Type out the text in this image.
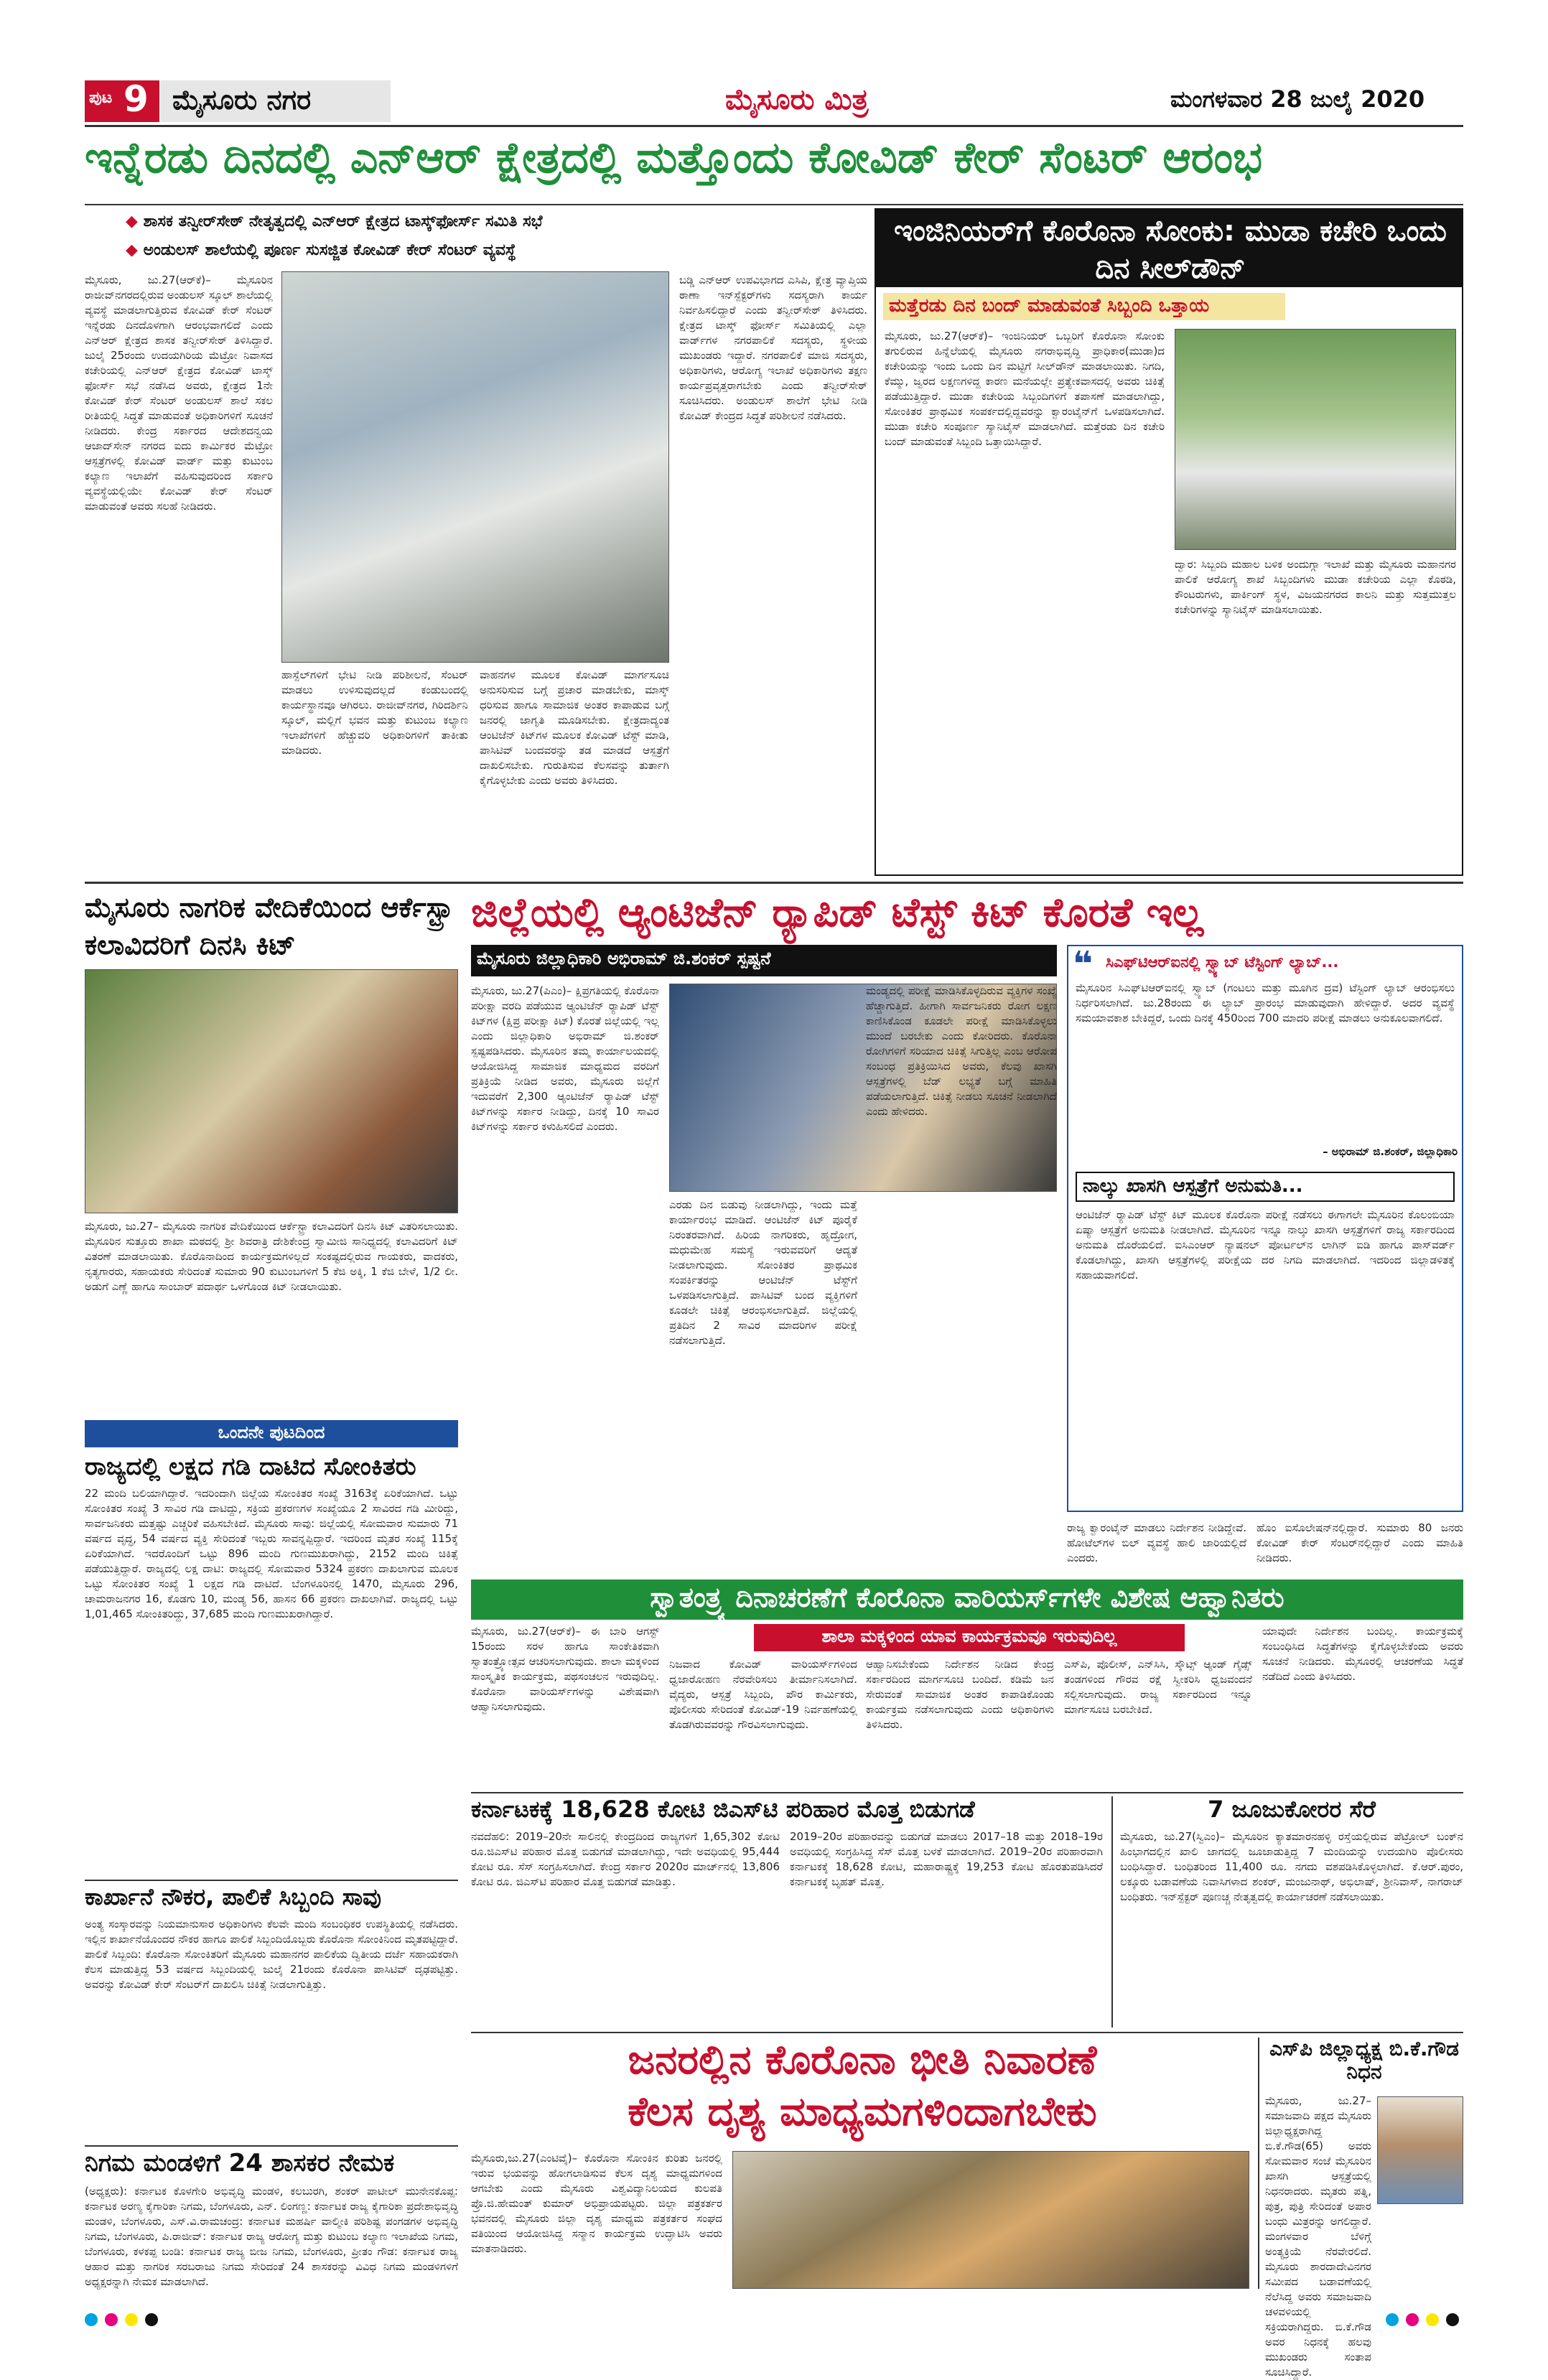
ಪುಟ 9 ಮೈಸೂರು ನಗರ	ಮೈಸೂರು ಮಿತ್ರ	ಮಂಗಳವಾರ 28 ಜುಲೈ 2020
ಇನ್ನೆರಡು ದಿನದಲ್ಲಿ ಎನ್‌ಆರ್ ಕ್ಷೇತ್ರದಲ್ಲಿ ಮತ್ತೊಂದು ಕೋವಿಡ್ ಕೇರ್ ಸೆಂಟರ್ ಆರಂಭ
◆ ಶಾಸಕ ತನ್ವೀರ್‌ಸೇಠ್ ನೇತೃತ್ವದಲ್ಲಿ ಎನ್‌ಆರ್ ಕ್ಷೇತ್ರದ ಟಾಸ್ಕ್‌ಫೋರ್ಸ್ ಸಮಿತಿ ಸಭೆ
◆ ಅಂಡುಲಸ್ ಶಾಲೆಯಲ್ಲಿ ಪೂರ್ಣ ಸುಸಜ್ಜಿತ ಕೋವಿಡ್ ಕೇರ್ ಸೆಂಟರ್ ವ್ಯವಸ್ಥೆ
ಮೈಸೂರು, ಜು.27(ಆರ್‌ಕೆ)– ಮೈಸೂರಿನ ರಾಜೀವ್‌ನಗರದಲ್ಲಿರುವ ಅಂಡುಲಸ್ ಸ್ಕೂಲ್ ಶಾಲೆಯಲ್ಲಿ ವ್ಯವಸ್ಥೆ ಮಾಡಲಾಗುತ್ತಿರುವ ಕೋವಿಡ್ ಕೇರ್ ಸೆಂಟರ್ ಇನ್ನೆರಡು ದಿನದೊಳಗಾಗಿ ಆರಂಭವಾಗಲಿದೆ ಎಂದು ಎನ್‌ಆರ್ ಕ್ಷೇತ್ರದ ಶಾಸಕ ತನ್ವೀರ್‌ಸೇಠ್ ತಿಳಿಸಿದ್ದಾರೆ. ಜುಲೈ 25ರಂದು ಉದಯಗಿರಿಯ ಮೆಟ್ರೋ ನಿವಾಸದ ಕಚೇರಿಯಲ್ಲಿ ಎನ್‌ಆರ್ ಕ್ಷೇತ್ರದ ಕೋವಿಡ್ ಟಾಸ್ಕ್ ಫೋರ್ಸ್ ಸಭೆ ನಡೆಸಿದ ಅವರು, ಕ್ಷೇತ್ರದ 1ನೇ ಕೋವಿಡ್ ಕೇರ್ ಸೆಂಟರ್ ಅಂಡುಲಸ್ ಶಾಲೆ ಸಕಲ ರೀತಿಯಲ್ಲಿ ಸಿದ್ಧತೆ ಮಾಡುವಂತೆ ಅಧಿಕಾರಿಗಳಿಗೆ ಸೂಚನೆ ನೀಡಿದರು. ಕೇಂದ್ರ ಸರ್ಕಾರದ ಆದೇಶದನ್ವಯ ಆಜಾದ್‌ಸೇನ್ ನಗರದ ಐದು ಕಾರ್ಮಿಕರ ಮೆಟ್ರೋ ಆಸ್ಪತ್ರೆಗಳಲ್ಲಿ ಕೋವಿಡ್ ವಾರ್ಡ್ ಮತ್ತು ಕುಟುಂಬ ಕಲ್ಯಾಣ ಇಲಾಖೆಗೆ ವಹಿಸುವುದರಿಂದ ಸರ್ಕಾರಿ ವ್ಯವಸ್ಥೆಯಲ್ಲಿಯೇ ಕೋವಿಡ್ ಕೇರ್ ಸೆಂಟರ್ ಮಾಡುವಂತೆ ಅವರು ಸಲಹೆ ನೀಡಿದರು.
ಹಾಸ್ಪೆಲ್‌ಗಳಿಗೆ ಭೇಟಿ ನೀಡಿ ಪರಿಶೀಲನೆ, ಸೆಂಟರ್ ಮಾಡಲು ಉಳಿಸುವುದಲ್ಲದೆ ಕಂಡುಬಂದಲ್ಲಿ ಕಾರ್ಯಸ್ಥಾನವೂ ಆಗಿರಲು. ರಾಜೀವ್‌ನಗರ, ಗಿರಿದರ್ಶಿನಿ ಸ್ಕೂಲ್, ಮಲ್ಲಿಗೆ ಭವನ ಮತ್ತು ಕುಟುಂಬ ಕಲ್ಯಾಣ ಇಲಾಖೆಗಳಿಗೆ ಹೆಚ್ಚುವರಿ ಅಧಿಕಾರಿಗಳಿಗೆ ತಾಕೀತು ಮಾಡಿದರು.
ವಾಹನಗಳ ಮೂಲಕ ಕೋವಿಡ್ ಮಾರ್ಗಸೂಚಿ ಅನುಸರಿಸುವ ಬಗ್ಗೆ ಪ್ರಚಾರ ಮಾಡಬೇಕು, ಮಾಸ್ಕ್ ಧರಿಸುವ ಹಾಗೂ ಸಾಮಾಜಿಕ ಅಂತರ ಕಾಪಾಡುವ ಬಗ್ಗೆ ಜನರಲ್ಲಿ ಜಾಗೃತಿ ಮೂಡಿಸಬೇಕು. ಕ್ಷೇತ್ರದಾದ್ಯಂತ ಆಂಟಿಜೆನ್ ಕಿಟ್‌ಗಳ ಮೂಲಕ ಕೋವಿಡ್ ಟೆಸ್ಟ್ ಮಾಡಿ, ಪಾಸಿಟಿವ್ ಬಂದವರನ್ನು ತಡ ಮಾಡದೆ ಆಸ್ಪತ್ರೆಗೆ ದಾಖಲಿಸಬೇಕು. ಗುರುತಿಸುವ ಕೆಲಸವನ್ನು ತುರ್ತಾಗಿ ಕೈಗೊಳ್ಳಬೇಕು ಎಂದು ಅವರು ತಿಳಿಸಿದರು.
ಬಡ್ಡಿ ಎನ್‌ಆರ್ ಉಪವಿಭಾಗದ ಎಸಿಪಿ, ಕ್ಷೇತ್ರ ವ್ಯಾಪ್ತಿಯ ಠಾಣಾ ಇನ್‌ಸ್ಪೆಕ್ಟರ್‌ಗಳು ಸದಸ್ಯರಾಗಿ ಕಾರ್ಯ ನಿರ್ವಹಿಸಲಿದ್ದಾರೆ ಎಂದು ತನ್ವೀರ್‌ಸೇಠ್ ತಿಳಿಸಿದರು. ಕ್ಷೇತ್ರದ ಟಾಸ್ಕ್ ಫೋರ್ಸ್ ಸಮಿತಿಯಲ್ಲಿ ಎಲ್ಲಾ ವಾರ್ಡ್‌ಗಳ ನಗರಪಾಲಿಕೆ ಸದಸ್ಯರು, ಸ್ಥಳೀಯ ಮುಖಂಡರು ಇದ್ದಾರೆ. ನಗರಪಾಲಿಕೆ ಮಾಜಿ ಸದಸ್ಯರು, ಅಧಿಕಾರಿಗಳು, ಆರೋಗ್ಯ ಇಲಾಖೆ ಅಧಿಕಾರಿಗಳು ತಕ್ಷಣ ಕಾರ್ಯಪ್ರವೃತ್ತರಾಗಬೇಕು ಎಂದು ತನ್ವೀರ್‌ಸೇಠ್ ಸೂಚಿಸಿದರು. ಅಂಡುಲಸ್ ಶಾಲೆಗೆ ಭೇಟಿ ನೀಡಿ ಕೋವಿಡ್ ಕೇಂದ್ರದ ಸಿದ್ಧತೆ ಪರಿಶೀಲನೆ ನಡೆಸಿದರು.
ಇಂಜಿನಿಯರ್‌ಗೆ ಕೊರೊನಾ ಸೋಂಕು: ಮುಡಾ ಕಚೇರಿ ಒಂದು ದಿನ ಸೀಲ್‌ಡೌನ್
ಮತ್ತೆರಡು ದಿನ ಬಂದ್ ಮಾಡುವಂತೆ ಸಿಬ್ಬಂದಿ ಒತ್ತಾಯ
ಮೈಸೂರು, ಜು.27(ಆರ್‌ಕೆ)– ಇಂಜಿನಿಯರ್ ಒಬ್ಬರಿಗೆ ಕೊರೊನಾ ಸೋಂಕು ತಗುಲಿರುವ ಹಿನ್ನೆಲೆಯಲ್ಲಿ ಮೈಸೂರು ನಗರಾಭಿವೃದ್ಧಿ ಪ್ರಾಧಿಕಾರ(ಮುಡಾ)ದ ಕಚೇರಿಯನ್ನು ಇಂದು ಒಂದು ದಿನ ಮಟ್ಟಿಗೆ ಸೀಲ್‌ಡೌನ್ ಮಾಡಲಾಯಿತು. ನಿಗದಿ, ಕೆಮ್ಮು, ಜ್ವರದ ಲಕ್ಷಣಗಳಿದ್ದ ಕಾರಣ ಮನೆಯಲ್ಲೇ ಪ್ರತ್ಯೇಕವಾಸದಲ್ಲಿ ಅವರು ಚಿಕಿತ್ಸೆ ಪಡೆಯುತ್ತಿದ್ದಾರೆ. ಮುಡಾ ಕಚೇರಿಯ ಸಿಬ್ಬಂದಿಗಳಿಗೆ ತಪಾಸಣೆ ಮಾಡಲಾಗಿದ್ದು, ಸೋಂಕಿತರ ಪ್ರಾಥಮಿಕ ಸಂಪರ್ಕದಲ್ಲಿದ್ದವರನ್ನು ಕ್ವಾರಂಟೈನ್‌ಗೆ ಒಳಪಡಿಸಲಾಗಿದೆ. ಮುಡಾ ಕಚೇರಿ ಸಂಪೂರ್ಣ ಸ್ಯಾನಿಟೈಸ್ ಮಾಡಲಾಗಿದೆ. ಮತ್ತೆರಡು ದಿನ ಕಚೇರಿ ಬಂದ್ ಮಾಡುವಂತೆ ಸಿಬ್ಬಂದಿ ಒತ್ತಾಯಿಸಿದ್ದಾರೆ.
ದ್ವಾರ: ಸಿಬ್ಬಂದಿ ಮಹಾಲ ಬಳಿಕ ಅಂದುಗ್ಗಾ ಇಲಾಖೆ ಮತ್ತು ಮೈಸೂರು ಮಹಾನಗರ ಪಾಲಿಕೆ ಆರೋಗ್ಯ ಶಾಖೆ ಸಿಬ್ಬಂದಿಗಳು ಮುಡಾ ಕಚೇರಿಯ ಎಲ್ಲಾ ಕೊಠಡಿ, ಕೌಂಟರುಗಳು, ಪಾರ್ಕಿಂಗ್ ಸ್ಥಳ, ವಿಜಯನಗರದ ಕಾಲನಿ ಮತ್ತು ಸುತ್ತಮುತ್ತಲ ಕಚೇರಿಗಳನ್ನು ಸ್ಯಾನಿಟೈಸ್ ಮಾಡಿಸಲಾಯಿತು.
ಮೈಸೂರು ನಾಗರಿಕ ವೇದಿಕೆಯಿಂದ ಆರ್ಕೆಸ್ಟ್ರಾ ಕಲಾವಿದರಿಗೆ ದಿನಸಿ ಕಿಟ್
ಮೈಸೂರು, ಜು.27– ಮೈಸೂರು ನಾಗರಿಕ ವೇದಿಕೆಯಿಂದ ಆರ್ಕೆಸ್ಟ್ರಾ ಕಲಾವಿದರಿಗೆ ದಿನಸಿ ಕಿಟ್ ವಿತರಿಸಲಾಯಿತು. ಮೈಸೂರಿನ ಸುತ್ತೂರು ಶಾಖಾ ಮಠದಲ್ಲಿ ಶ್ರೀ ಶಿವರಾತ್ರಿ ದೇಶಿಕೇಂದ್ರ ಸ್ವಾಮೀಜಿ ಸಾನಿಧ್ಯದಲ್ಲಿ ಕಲಾವಿದರಿಗೆ ಕಿಟ್ ವಿತರಣೆ ಮಾಡಲಾಯಿತು. ಕೊರೊನಾದಿಂದ ಕಾರ್ಯಕ್ರಮಗಳಿಲ್ಲದೆ ಸಂಕಷ್ಟದಲ್ಲಿರುವ ಗಾಯಕರು, ವಾದಕರು, ನೃತ್ಯಗಾರರು, ಸಹಾಯಕರು ಸೇರಿದಂತೆ ಸುಮಾರು 90 ಕುಟುಂಬಗಳಿಗೆ 5 ಕೆಜಿ ಅಕ್ಕಿ, 1 ಕೆಜಿ ಬೇಳೆ, 1/2 ಲೀ. ಅಡುಗೆ ಎಣ್ಣೆ ಹಾಗೂ ಸಾಂಬಾರ್ ಪದಾರ್ಥ ಒಳಗೊಂಡ ಕಿಟ್ ನೀಡಲಾಯಿತು.
ಒಂದನೇ ಪುಟದಿಂದ
ರಾಜ್ಯದಲ್ಲಿ ಲಕ್ಷದ ಗಡಿ ದಾಟಿದ ಸೋಂಕಿತರು
22 ಮಂದಿ ಬಲಿಯಾಗಿದ್ದಾರೆ. ಇದರಿಂದಾಗಿ ಜಿಲ್ಲೆಯ ಸೋಂಕಿತರ ಸಂಖ್ಯೆ 3163ಕ್ಕೆ ಏರಿಕೆಯಾಗಿದೆ. ಒಟ್ಟು ಸೋಂಕಿತರ ಸಂಖ್ಯೆ 3 ಸಾವಿರ ಗಡಿ ದಾಟಿದ್ದು, ಸಕ್ರಿಯ ಪ್ರಕರಣಗಳ ಸಂಖ್ಯೆಯೂ 2 ಸಾವಿರದ ಗಡಿ ಮೀರಿದ್ದು, ಸಾರ್ವಜನಿಕರು ಮತ್ತಷ್ಟು ಎಚ್ಚರಿಕೆ ವಹಿಸಬೇಕಿದೆ. ಮೈಸೂರು ಸಾವು: ಜಿಲ್ಲೆಯಲ್ಲಿ ಸೋಮವಾರ ಸುಮಾರು 71 ವರ್ಷದ ವೃದ್ಧ, 54 ವರ್ಷದ ವ್ಯಕ್ತಿ ಸೇರಿದಂತೆ ಇಬ್ಬರು ಸಾವನ್ನಪ್ಪಿದ್ದಾರೆ. ಇದರಿಂದ ಮೃತರ ಸಂಖ್ಯೆ 115ಕ್ಕೆ ಏರಿಕೆಯಾಗಿದೆ. ಇದರೊಂದಿಗೆ ಒಟ್ಟು 896 ಮಂದಿ ಗುಣಮುಖರಾಗಿದ್ದು, 2152 ಮಂದಿ ಚಿಕಿತ್ಸೆ ಪಡೆಯುತ್ತಿದ್ದಾರೆ. ರಾಜ್ಯದಲ್ಲಿ ಲಕ್ಷ ದಾಟಿ: ರಾಜ್ಯದಲ್ಲಿ ಸೋಮವಾರ 5324 ಪ್ರಕರಣ ದಾಖಲಾಗುವ ಮೂಲಕ ಒಟ್ಟು ಸೋಂಕಿತರ ಸಂಖ್ಯೆ 1 ಲಕ್ಷದ ಗಡಿ ದಾಟಿದೆ. ಬೆಂಗಳೂರಿನಲ್ಲಿ 1470, ಮೈಸೂರು 296, ಚಾಮರಾಜನಗರ 16, ಕೊಡಗು 10, ಮಂಡ್ಯ 56, ಹಾಸನ 66 ಪ್ರಕರಣ ದಾಖಲಾಗಿವೆ. ರಾಜ್ಯದಲ್ಲಿ ಒಟ್ಟು 1,01,465 ಸೋಂಕಿತರಿದ್ದು, 37,685 ಮಂದಿ ಗುಣಮುಖರಾಗಿದ್ದಾರೆ.
ಕಾರ್ಖಾನೆ ನೌಕರ, ಪಾಲಿಕೆ ಸಿಬ್ಬಂದಿ ಸಾವು
ಅಂತ್ಯ ಸಂಸ್ಕಾರವನ್ನು ನಿಯಮಾನುಸಾರ ಅಧಿಕಾರಿಗಳು ಕೆಲವೇ ಮಂದಿ ಸಂಬಂಧಿಕರ ಉಪಸ್ಥಿತಿಯಲ್ಲಿ ನಡೆಸಿದರು. ಇಲ್ಲಿನ ಕಾರ್ಖಾನೆಯೊಂದರ ನೌಕರ ಹಾಗೂ ಪಾಲಿಕೆ ಸಿಬ್ಬಂದಿಯೊಬ್ಬರು ಕೊರೊನಾ ಸೋಂಕಿನಿಂದ ಮೃತಪಟ್ಟಿದ್ದಾರೆ. ಪಾಲಿಕೆ ಸಿಬ್ಬಂದಿ: ಕೊರೊನಾ ಸೋಂಕಿತರಿಗೆ ಮೈಸೂರು ಮಹಾನಗರ ಪಾಲಿಕೆಯ ದ್ವಿತೀಯ ದರ್ಜೆ ಸಹಾಯಕರಾಗಿ ಕೆಲಸ ಮಾಡುತ್ತಿದ್ದ 53 ವರ್ಷದ ಸಿಬ್ಬಂದಿಯಲ್ಲಿ ಜುಲೈ 21ರಂದು ಕೊರೊನಾ ಪಾಸಿಟಿವ್ ದೃಢಪಟ್ಟಿತ್ತು. ಅವರನ್ನು ಕೋವಿಡ್ ಕೇರ್ ಸೆಂಟರ್‌ಗೆ ದಾಖಲಿಸಿ ಚಿಕಿತ್ಸೆ ನೀಡಲಾಗುತ್ತಿತ್ತು.
ನಿಗಮ ಮಂಡಳಿಗೆ 24 ಶಾಸಕರ ನೇಮಕ
(ಅಧ್ಯಕ್ಷರು): ಕರ್ನಾಟಕ ಕೊಳಗೇರಿ ಅಭಿವೃದ್ಧಿ ಮಂಡಳಿ, ಕಲಬುರಗಿ, ಶಂಕರ್ ಪಾಟೀಲ್ ಮುನೇನಕೊಪ್ಪ: ಕರ್ನಾಟಕ ಅರಣ್ಯ ಕೈಗಾರಿಕಾ ನಿಗಮ, ಬೆಂಗಳೂರು, ಎನ್. ಲಿಂಗಣ್ಣ: ಕರ್ನಾಟಕ ರಾಜ್ಯ ಕೈಗಾರಿಕಾ ಪ್ರದೇಶಾಭಿವೃದ್ಧಿ ಮಂಡಳಿ, ಬೆಂಗಳೂರು, ಎಸ್.ವಿ.ರಾಮಚಂದ್ರ: ಕರ್ನಾಟಕ ಮಹರ್ಷಿ ವಾಲ್ಮೀಕಿ ಪರಿಶಿಷ್ಟ ಪಂಗಡಗಳ ಅಭಿವೃದ್ಧಿ ನಿಗಮ, ಬೆಂಗಳೂರು, ಪಿ.ರಾಜೀವ್: ಕರ್ನಾಟಕ ರಾಜ್ಯ ಆರೋಗ್ಯ ಮತ್ತು ಕುಟುಂಬ ಕಲ್ಯಾಣ ಇಲಾಖೆಯ ನಿಗಮ, ಬೆಂಗಳೂರು, ಕಳಕಪ್ಪ ಬಂಡಿ: ಕರ್ನಾಟಕ ರಾಜ್ಯ ಬೀಜ ನಿಗಮ, ಬೆಂಗಳೂರು, ಪ್ರೀತಂ ಗೌಡ: ಕರ್ನಾಟಕ ರಾಜ್ಯ ಆಹಾರ ಮತ್ತು ನಾಗರಿಕ ಸರಬರಾಜು ನಿಗಮ ಸೇರಿದಂತೆ 24 ಶಾಸಕರನ್ನು ವಿವಿಧ ನಿಗಮ ಮಂಡಳಿಗಳಿಗೆ ಅಧ್ಯಕ್ಷರನ್ನಾಗಿ ನೇಮಕ ಮಾಡಲಾಗಿದೆ.
ಜಿಲ್ಲೆಯಲ್ಲಿ ಆ್ಯಂಟಿಜೆನ್ ರ್‍ಯಾಪಿಡ್ ಟೆಸ್ಟ್ ಕಿಟ್ ಕೊರತೆ ಇಲ್ಲ
ಮೈಸೂರು ಜಿಲ್ಲಾಧಿಕಾರಿ ಅಭಿರಾಮ್ ಜಿ.ಶಂಕರ್ ಸ್ಪಷ್ಟನೆ
ಮೈಸೂರು, ಜು.27(ಪಿಎಂ)– ಕ್ಷಿಪ್ರಗತಿಯಲ್ಲಿ ಕೊರೊನಾ ಪರೀಕ್ಷಾ ವರದಿ ಪಡೆಯುವ ಆ್ಯಂಟಿಜೆನ್ ರ್‍ಯಾಪಿಡ್ ಟೆಸ್ಟ್ ಕಿಟ್‌ಗಳ (ಕ್ಷಿಪ್ರ ಪರೀಕ್ಷಾ ಕಿಟ್) ಕೊರತೆ ಜಿಲ್ಲೆಯಲ್ಲಿ ಇಲ್ಲ ಎಂದು ಜಿಲ್ಲಾಧಿಕಾರಿ ಅಭಿರಾಮ್ ಜಿ.ಶಂಕರ್ ಸ್ಪಷ್ಟಪಡಿಸಿದರು. ಮೈಸೂರಿನ ತಮ್ಮ ಕಾರ್ಯಾಲಯದಲ್ಲಿ ಆಯೋಜಿಸಿದ್ದ ಸಾಮಾಜಿಕ ಮಾಧ್ಯಮದ ವರದಿಗೆ ಪ್ರತಿಕ್ರಿಯೆ ನೀಡಿದ ಅವರು, ಮೈಸೂರು ಜಿಲ್ಲೆಗೆ ಇದುವರೆಗೆ 2,300 ಆ್ಯಂಟಿಜೆನ್ ರ್‍ಯಾಪಿಡ್ ಟೆಸ್ಟ್ ಕಿಟ್‌ಗಳನ್ನು ಸರ್ಕಾರ ನೀಡಿದ್ದು, ದಿನಕ್ಕೆ 10 ಸಾವಿರ ಕಿಟ್‌ಗಳನ್ನು ಸರ್ಕಾರ ಕಳುಹಿಸಲಿದೆ ಎಂದರು.
ಎರಡು ದಿನ ಬಿಡುವು ನೀಡಲಾಗಿದ್ದು, ಇಂದು ಮತ್ತೆ ಕಾರ್ಯಾರಂಭ ಮಾಡಿದೆ. ಆಂಟಿಜೆನ್ ಕಿಟ್ ಪೂರೈಕೆ ನಿರಂತರವಾಗಿದೆ. ಹಿರಿಯ ನಾಗರಿಕರು, ಹೃದ್ರೋಗ, ಮಧುಮೇಹ ಸಮಸ್ಯೆ ಇರುವವರಿಗೆ ಆದ್ಯತೆ ನೀಡಲಾಗುವುದು. ಸೋಂಕಿತರ ಪ್ರಾಥಮಿಕ ಸಂಪರ್ಕಿತರನ್ನು ಆಂಟಿಜೆನ್ ಟೆಸ್ಟ್‌ಗೆ ಒಳಪಡಿಸಲಾಗುತ್ತಿದೆ. ಪಾಸಿಟಿವ್ ಬಂದ ವ್ಯಕ್ತಿಗಳಿಗೆ ಕೂಡಲೇ ಚಿಕಿತ್ಸೆ ಆರಂಭಿಸಲಾಗುತ್ತಿದೆ. ಜಿಲ್ಲೆಯಲ್ಲಿ ಪ್ರತಿದಿನ 2 ಸಾವಿರ ಮಾದರಿಗಳ ಪರೀಕ್ಷೆ ನಡೆಸಲಾಗುತ್ತಿದೆ.
ಮಂಡ್ಯದಲ್ಲಿ ಪರೀಕ್ಷೆ ಮಾಡಿಸಿಕೊಳ್ಳದಿರುವ ವ್ಯಕ್ತಿಗಳ ಸಂಖ್ಯೆ ಹೆಚ್ಚಾಗುತ್ತಿದೆ. ಹೀಗಾಗಿ ಸಾರ್ವಜನಿಕರು ರೋಗ ಲಕ್ಷಣ ಕಾಣಿಸಿಕೊಂಡ ಕೂಡಲೇ ಪರೀಕ್ಷೆ ಮಾಡಿಸಿಕೊಳ್ಳಲು ಮುಂದೆ ಬರಬೇಕು ಎಂದು ಕೋರಿದರು. ಕೊರೊನಾ ರೋಗಿಗಳಿಗೆ ಸರಿಯಾದ ಚಿಕಿತ್ಸೆ ಸಿಗುತ್ತಿಲ್ಲ ಎಂಬ ಆರೋಪ ಸಂಬಂಧ ಪ್ರತಿಕ್ರಿಯಿಸಿದ ಅವರು, ಕೆಲವು ಖಾಸಗಿ ಆಸ್ಪತ್ರೆಗಳಲ್ಲಿ ಬೆಡ್ ಲಭ್ಯತೆ ಬಗ್ಗೆ ಮಾಹಿತಿ ಪಡೆಯಲಾಗುತ್ತಿದೆ. ಚಿಕಿತ್ಸೆ ನೀಡಲು ಸೂಚನೆ ನೀಡಲಾಗಿದೆ ಎಂದು ಹೇಳಿದರು.
ರಾಜ್ಯ ಕ್ವಾರಂಟೈನ್ ಮಾಡಲು ನಿರ್ದೇಶನ ನೀಡಿದ್ದೇವೆ. ಹೋಟೆಲ್‌ಗಳ ಬಿಲ್ ವ್ಯವಸ್ಥೆ ಹಾಲಿ ಜಾರಿಯಲ್ಲಿದೆ ಎಂದರು.
❝ ಸಿಎಫ್‌ಟಿಆರ್‌ಐನಲ್ಲಿ ಸ್ವ್ಯಾಬ್ ಟೆಸ್ಟಿಂಗ್ ಲ್ಯಾಬ್...
ಮೈಸೂರಿನ ಸಿಎಫ್‌ಟಿಆರ್‌ಐನಲ್ಲಿ ಸ್ವ್ಯಾಬ್ (ಗಂಟಲು ಮತ್ತು ಮೂಗಿನ ದ್ರವ) ಟೆಸ್ಟಿಂಗ್ ಲ್ಯಾಬ್ ಆರಂಭಿಸಲು ನಿರ್ಧರಿಸಲಾಗಿದೆ. ಜು.28ರಂದು ಈ ಲ್ಯಾಬ್ ಪ್ರಾರಂಭ ಮಾಡುವುದಾಗಿ ಹೇಳಿದ್ದಾರೆ. ಅದರ ವ್ಯವಸ್ಥೆ ಸಮಯಾವಕಾಶ ಬೇಕಿದ್ದರೆ, ಒಂದು ದಿನಕ್ಕೆ 450ರಿಂದ 700 ಮಾದರಿ ಪರೀಕ್ಷೆ ಮಾಡಲು ಅನುಕೂಲವಾಗಲಿದೆ.
– ಅಭಿರಾಮ್ ಜಿ.ಶಂಕರ್, ಜಿಲ್ಲಾಧಿಕಾರಿ
ನಾಲ್ಕು ಖಾಸಗಿ ಆಸ್ಪತ್ರೆಗೆ ಅನುಮತಿ...
ಆಂಟಿಜೆನ್ ರ್‍ಯಾಪಿಡ್ ಟೆಸ್ಟ್ ಕಿಟ್ ಮೂಲಕ ಕೊರೊನಾ ಪರೀಕ್ಷೆ ನಡೆಸಲು ಈಗಾಗಲೇ ಮೈಸೂರಿನ ಕೊಲಂಬಿಯಾ ಏಷ್ಯಾ ಆಸ್ಪತ್ರೆಗೆ ಅನುಮತಿ ನೀಡಲಾಗಿದೆ. ಮೈಸೂರಿನ ಇನ್ನೂ ನಾಲ್ಕು ಖಾಸಗಿ ಆಸ್ಪತ್ರೆಗಳಿಗೆ ರಾಜ್ಯ ಸರ್ಕಾರದಿಂದ ಅನುಮತಿ ದೊರೆಯಲಿದೆ. ಐಸಿಎಂಆರ್ ನ್ಯಾಷನಲ್ ಪೋರ್ಟಲ್‌ನ ಲಾಗಿನ್ ಐಡಿ ಹಾಗೂ ಪಾಸ್‌ವರ್ಡ್ ಕೊಡಲಾಗಿದ್ದು, ಖಾಸಗಿ ಆಸ್ಪತ್ರೆಗಳಲ್ಲಿ ಪರೀಕ್ಷೆಯ ದರ ನಿಗದಿ ಮಾಡಲಾಗಿದೆ. ಇದರಿಂದ ಜಿಲ್ಲಾಡಳಿತಕ್ಕೆ ಸಹಾಯವಾಗಲಿದೆ.
ಹೊಂ ಐಸೊಲೇಷನ್‌ನಲ್ಲಿದ್ದಾರೆ. ಸುಮಾರು 80 ಜನರು ಕೋವಿಡ್ ಕೇರ್ ಸೆಂಟರ್‌ನಲ್ಲಿದ್ದಾರೆ ಎಂದು ಮಾಹಿತಿ ನೀಡಿದರು.
ಸ್ವಾತಂತ್ರ್ಯ ದಿನಾಚರಣೆಗೆ ಕೊರೊನಾ ವಾರಿಯರ್ಸ್‌ಗಳೇ ವಿಶೇಷ ಆಹ್ವಾನಿತರು
ಶಾಲಾ ಮಕ್ಕಳಿಂದ ಯಾವ ಕಾರ್ಯಕ್ರಮವೂ ಇರುವುದಿಲ್ಲ
ಮೈಸೂರು, ಜು.27(ಆರ್‌ಕೆ)– ಈ ಬಾರಿ ಆಗಸ್ಟ್ 15ರಂದು ಸರಳ ಹಾಗೂ ಸಾಂಕೇತಿಕವಾಗಿ ಸ್ವಾತಂತ್ರ್ಯೋತ್ಸವ ಆಚರಿಸಲಾಗುವುದು. ಶಾಲಾ ಮಕ್ಕಳಿಂದ ಸಾಂಸ್ಕೃತಿಕ ಕಾರ್ಯಕ್ರಮ, ಪಥಸಂಚಲನ ಇರುವುದಿಲ್ಲ. ಕೊರೊನಾ ವಾರಿಯರ್ಸ್‌ಗಳನ್ನು ವಿಶೇಷವಾಗಿ ಆಹ್ವಾನಿಸಲಾಗುವುದು.
ನಿಜವಾದ ಕೋವಿಡ್ ವಾರಿಯರ್ಸ್‌ಗಳಿಂದ ಧ್ವಜಾರೋಹಣ ನೆರವೇರಿಸಲು ತೀರ್ಮಾನಿಸಲಾಗಿದೆ. ವೈದ್ಯರು, ಆಸ್ಪತ್ರೆ ಸಿಬ್ಬಂದಿ, ಪೌರ ಕಾರ್ಮಿಕರು, ಪೊಲೀಸರು ಸೇರಿದಂತೆ ಕೋವಿಡ್-19 ನಿರ್ವಹಣೆಯಲ್ಲಿ ತೊಡಗಿರುವವರನ್ನು ಗೌರವಿಸಲಾಗುವುದು.
ಆಹ್ವಾನಿಸಬೇಕೆಂದು ನಿರ್ದೇಶನ ನೀಡಿದ ಕೇಂದ್ರ ಸರ್ಕಾರದಿಂದ ಮಾರ್ಗಸೂಚಿ ಬಂದಿದೆ. ಕಡಿಮೆ ಜನ ಸೇರುವಂತೆ ಸಾಮಾಜಿಕ ಅಂತರ ಕಾಪಾಡಿಕೊಂಡು ಕಾರ್ಯಕ್ರಮ ನಡೆಸಲಾಗುವುದು ಎಂದು ಅಧಿಕಾರಿಗಳು ತಿಳಿಸಿದರು.
ಎಸ್‌ಪಿ, ಪೊಲೀಸ್, ಎನ್‌ಸಿಸಿ, ಸ್ಕೌಟ್ಸ್ ಆ್ಯಂಡ್ ಗೈಡ್ಸ್ ತಂಡಗಳಿಂದ ಗೌರವ ರಕ್ಷೆ ಸ್ವೀಕರಿಸಿ ಧ್ವಜವಂದನೆ ಸಲ್ಲಿಸಲಾಗುವುದು. ರಾಜ್ಯ ಸರ್ಕಾರದಿಂದ ಇನ್ನೂ ಮಾರ್ಗಸೂಚಿ ಬರಬೇಕಿದೆ.
ಯಾವುದೇ ನಿರ್ದೇಶನ ಬಂದಿಲ್ಲ. ಕಾರ್ಯಕ್ರಮಕ್ಕೆ ಸಂಬಂಧಿಸಿದ ಸಿದ್ಧತೆಗಳನ್ನು ಕೈಗೊಳ್ಳಬೇಕೆಂದು ಅವರು ಸೂಚನೆ ನೀಡಿದರು. ಮೈಸೂರಲ್ಲಿ ಆಚರಣೆಯ ಸಿದ್ಧತೆ ನಡೆದಿದೆ ಎಂದು ತಿಳಿಸಿದರು.
ಕರ್ನಾಟಕಕ್ಕೆ 18,628 ಕೋಟಿ ಜಿಎಸ್‌ಟಿ ಪರಿಹಾರ ಮೊತ್ತ ಬಿಡುಗಡೆ
ನವದೆಹಲಿ: 2019–20ನೇ ಸಾಲಿನಲ್ಲಿ ಕೇಂದ್ರದಿಂದ ರಾಜ್ಯಗಳಿಗೆ 1,65,302 ಕೋಟಿ ರೂ.ಜಿಎಸ್‌ಟಿ ಪರಿಹಾರ ಮೊತ್ತ ಬಿಡುಗಡೆ ಮಾಡಲಾಗಿದ್ದು, ಇದೇ ಅವಧಿಯಲ್ಲಿ 95,444 ಕೋಟಿ ರೂ. ಸೆಸ್ ಸಂಗ್ರಹಿಸಲಾಗಿದೆ. ಕೇಂದ್ರ ಸರ್ಕಾರ 2020ರ ಮಾರ್ಚ್‌ನಲ್ಲಿ 13,806 ಕೋಟಿ ರೂ. ಜಿಎಸ್‌ಟಿ ಪರಿಹಾರ ಮೊತ್ತ ಬಿಡುಗಡೆ ಮಾಡಿತ್ತು.
2019–20ರ ಪರಿಹಾರವನ್ನು ಬಿಡುಗಡೆ ಮಾಡಲು 2017–18 ಮತ್ತು 2018–19ರ ಅವಧಿಯಲ್ಲಿ ಸಂಗ್ರಹಿಸಿದ್ದ ಸೆಸ್ ಮೊತ್ತ ಬಳಕೆ ಮಾಡಲಾಗಿದೆ. 2019–20ರ ಪರಿಹಾರವಾಗಿ ಕರ್ನಾಟಕಕ್ಕೆ 18,628 ಕೋಟಿ, ಮಹಾರಾಷ್ಟ್ರಕ್ಕೆ 19,253 ಕೋಟಿ ಹೊರತುಪಡಿಸಿದರೆ ಕರ್ನಾಟಕಕ್ಕೆ ಬೃಹತ್ ಮೊತ್ತ.
7 ಜೂಜುಕೋರರ ಸೆರೆ
ಮೈಸೂರು, ಜು.27(ಸ್ವಿಎಂ)– ಮೈಸೂರಿನ ಕ್ಯಾತಮಾರನಹಳ್ಳಿ ರಸ್ತೆಯಲ್ಲಿರುವ ಪೆಟ್ರೋಲ್ ಬಂಕ್‌ನ ಹಿಂಭಾಗದಲ್ಲಿನ ಖಾಲಿ ಜಾಗದಲ್ಲಿ ಜೂಜಾಡುತ್ತಿದ್ದ 7 ಮಂದಿಯನ್ನು ಉದಯಗಿರಿ ಪೊಲೀಸರು ಬಂಧಿಸಿದ್ದಾರೆ. ಬಂಧಿತರಿಂದ 11,400 ರೂ. ನಗದು ವಶಪಡಿಸಿಕೊಳ್ಳಲಾಗಿದೆ. ಕೆ.ಆರ್.ಪುರಂ, ಲಕ್ಕೂರು ಬಡಾವಣೆಯ ನಿವಾಸಿಗಳಾದ ಶಂಕರ್, ಮಂಜುನಾಥ್, ಅಭಿಲಾಷ್, ಶ್ರೀನಿವಾಸ್, ನಾಗರಾಜ್ ಬಂಧಿತರು. ಇನ್‌ಸ್ಪೆಕ್ಟರ್ ಪೂಣಚ್ಚ ನೇತೃತ್ವದಲ್ಲಿ ಕಾರ್ಯಾಚರಣೆ ನಡೆಸಲಾಯಿತು.
ಜನರಲ್ಲಿನ ಕೊರೊನಾ ಭೀತಿ ನಿವಾರಣೆ
ಕೆಲಸ ದೃಶ್ಯ ಮಾಧ್ಯಮಗಳಿಂದಾಗಬೇಕು
ಮೈಸೂರು,ಜು.27(ಎಂಟಿವೈ)– ಕೊರೊನಾ ಸೋಂಕಿನ ಕುರಿತು ಜನರಲ್ಲಿ ಇರುವ ಭಯವನ್ನು ಹೋಗಲಾಡಿಸುವ ಕೆಲಸ ದೃಶ್ಯ ಮಾಧ್ಯಮಗಳಿಂದ ಆಗಬೇಕು ಎಂದು ಮೈಸೂರು ವಿಶ್ವವಿದ್ಯಾನಿಲಯದ ಕುಲಪತಿ ಪ್ರೊ.ಜಿ.ಹೇಮಂತ್ ಕುಮಾರ್ ಅಭಿಪ್ರಾಯಪಟ್ಟರು. ಜಿಲ್ಲಾ ಪತ್ರಕರ್ತರ ಭವನದಲ್ಲಿ ಮೈಸೂರು ಜಿಲ್ಲಾ ದೃಶ್ಯ ಮಾಧ್ಯಮ ಪತ್ರಕರ್ತರ ಸಂಘದ ವತಿಯಿಂದ ಆಯೋಜಿಸಿದ್ದ ಸನ್ಮಾನ ಕಾರ್ಯಕ್ರಮ ಉದ್ಘಾಟಿಸಿ ಅವರು ಮಾತನಾಡಿದರು.
ಎಸ್‌ಪಿ ಜಿಲ್ಲಾಧ್ಯಕ್ಷ ಬಿ.ಕೆ.ಗೌಡ ನಿಧನ
ಮೈಸೂರು, ಜು.27– ಸಮಾಜವಾದಿ ಪಕ್ಷದ ಮೈಸೂರು ಜಿಲ್ಲಾಧ್ಯಕ್ಷರಾಗಿದ್ದ ಬಿ.ಕೆ.ಗೌಡ(65) ಅವರು ಸೋಮವಾರ ಸಂಜೆ ಮೈಸೂರಿನ ಖಾಸಗಿ ಆಸ್ಪತ್ರೆಯಲ್ಲಿ ನಿಧನರಾದರು. ಮೃತರು ಪತ್ನಿ, ಪುತ್ರ, ಪುತ್ರಿ ಸೇರಿದಂತೆ ಅಪಾರ ಬಂಧು ಮಿತ್ರರನ್ನು ಅಗಲಿದ್ದಾರೆ. ಮಂಗಳವಾರ ಬೆಳಿಗ್ಗೆ ಅಂತ್ಯಕ್ರಿಯೆ ನೆರವೇರಲಿದೆ. ಮೈಸೂರು ಶಾರದಾದೇವಿನಗರ ಸಮೀಪದ ಬಡಾವಣೆಯಲ್ಲಿ ನೆಲೆಸಿದ್ದ ಅವರು ಸಮಾಜವಾದಿ ಚಳವಳಿಯಲ್ಲಿ ಸಕ್ರಿಯರಾಗಿದ್ದರು. ಬಿ.ಕೆ.ಗೌಡ ಅವರ ನಿಧನಕ್ಕೆ ಹಲವು ಮುಖಂಡರು ಸಂತಾಪ ಸೂಚಿಸಿದ್ದಾರೆ.
